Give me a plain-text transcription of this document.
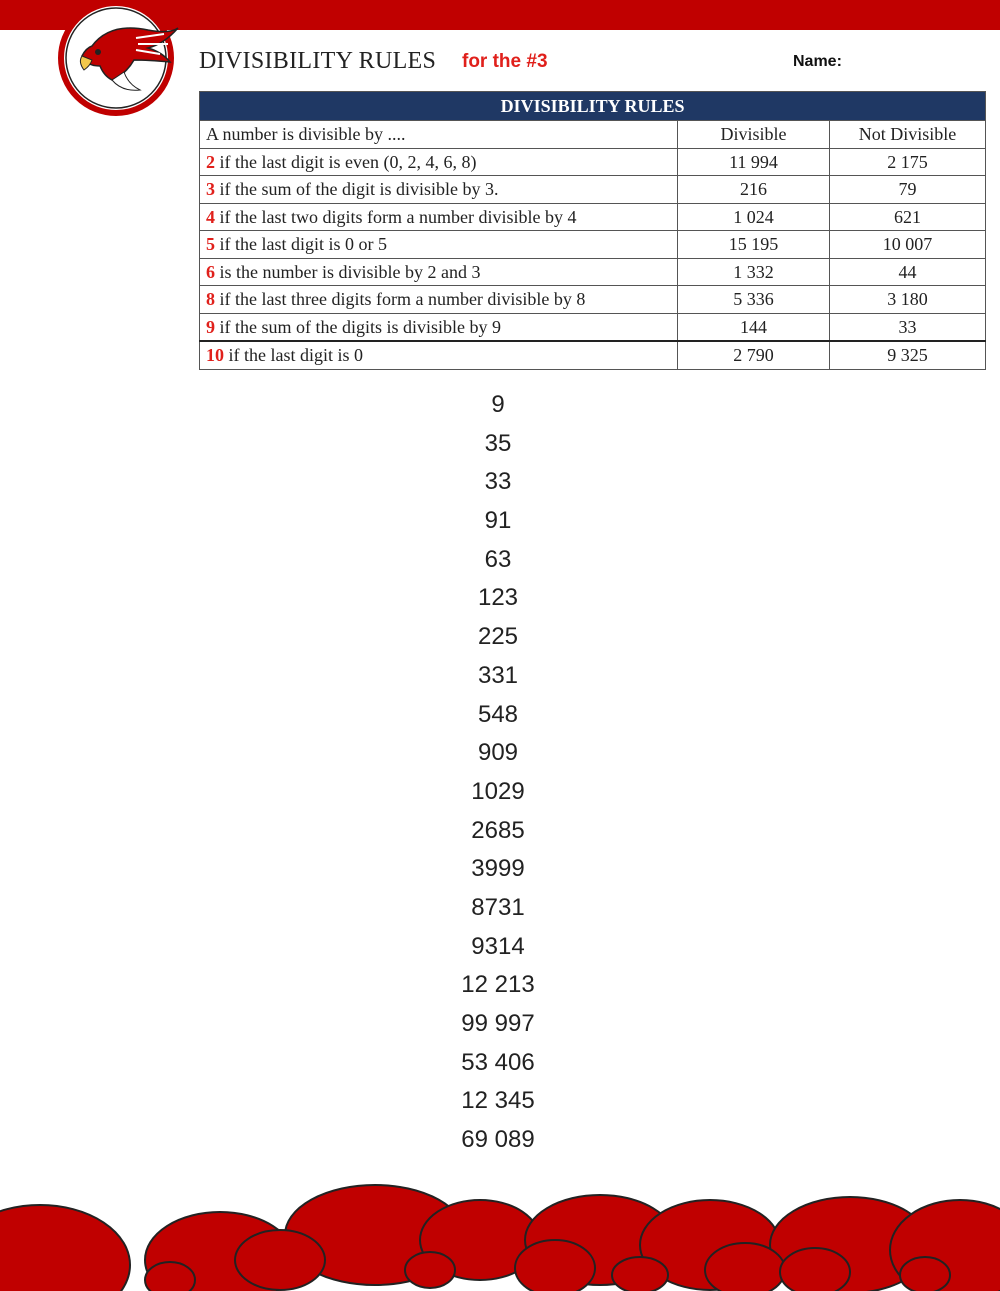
DIVISIBILITY RULES for the #3	Name:
DIVISIBILITY RULES		
A number is divisible by ....	Divisible	Not Divisible
2 if the last digit is even (0, 2, 4, 6, 8)	11 994	2 175
3 if the sum of the digit is divisible by 3.	216	79
4 if the last two digits form a number divisible by 4	1 024	621
5 if the last digit is 0 or 5	15 195	10 007
6 is the number is divisible by 2 and 3	1 332	44
8 if the last three digits form a number divisible by 8	5 336	3 180
9 if the sum of the digits is divisible by 9	144	33
10 if the last digit is 0	2 790	9 325
9
35
33
91
63
123
225
331
548
909
1029
2685
3999
8731
9314
12 213
99 997
53 406
12 345
69 089
